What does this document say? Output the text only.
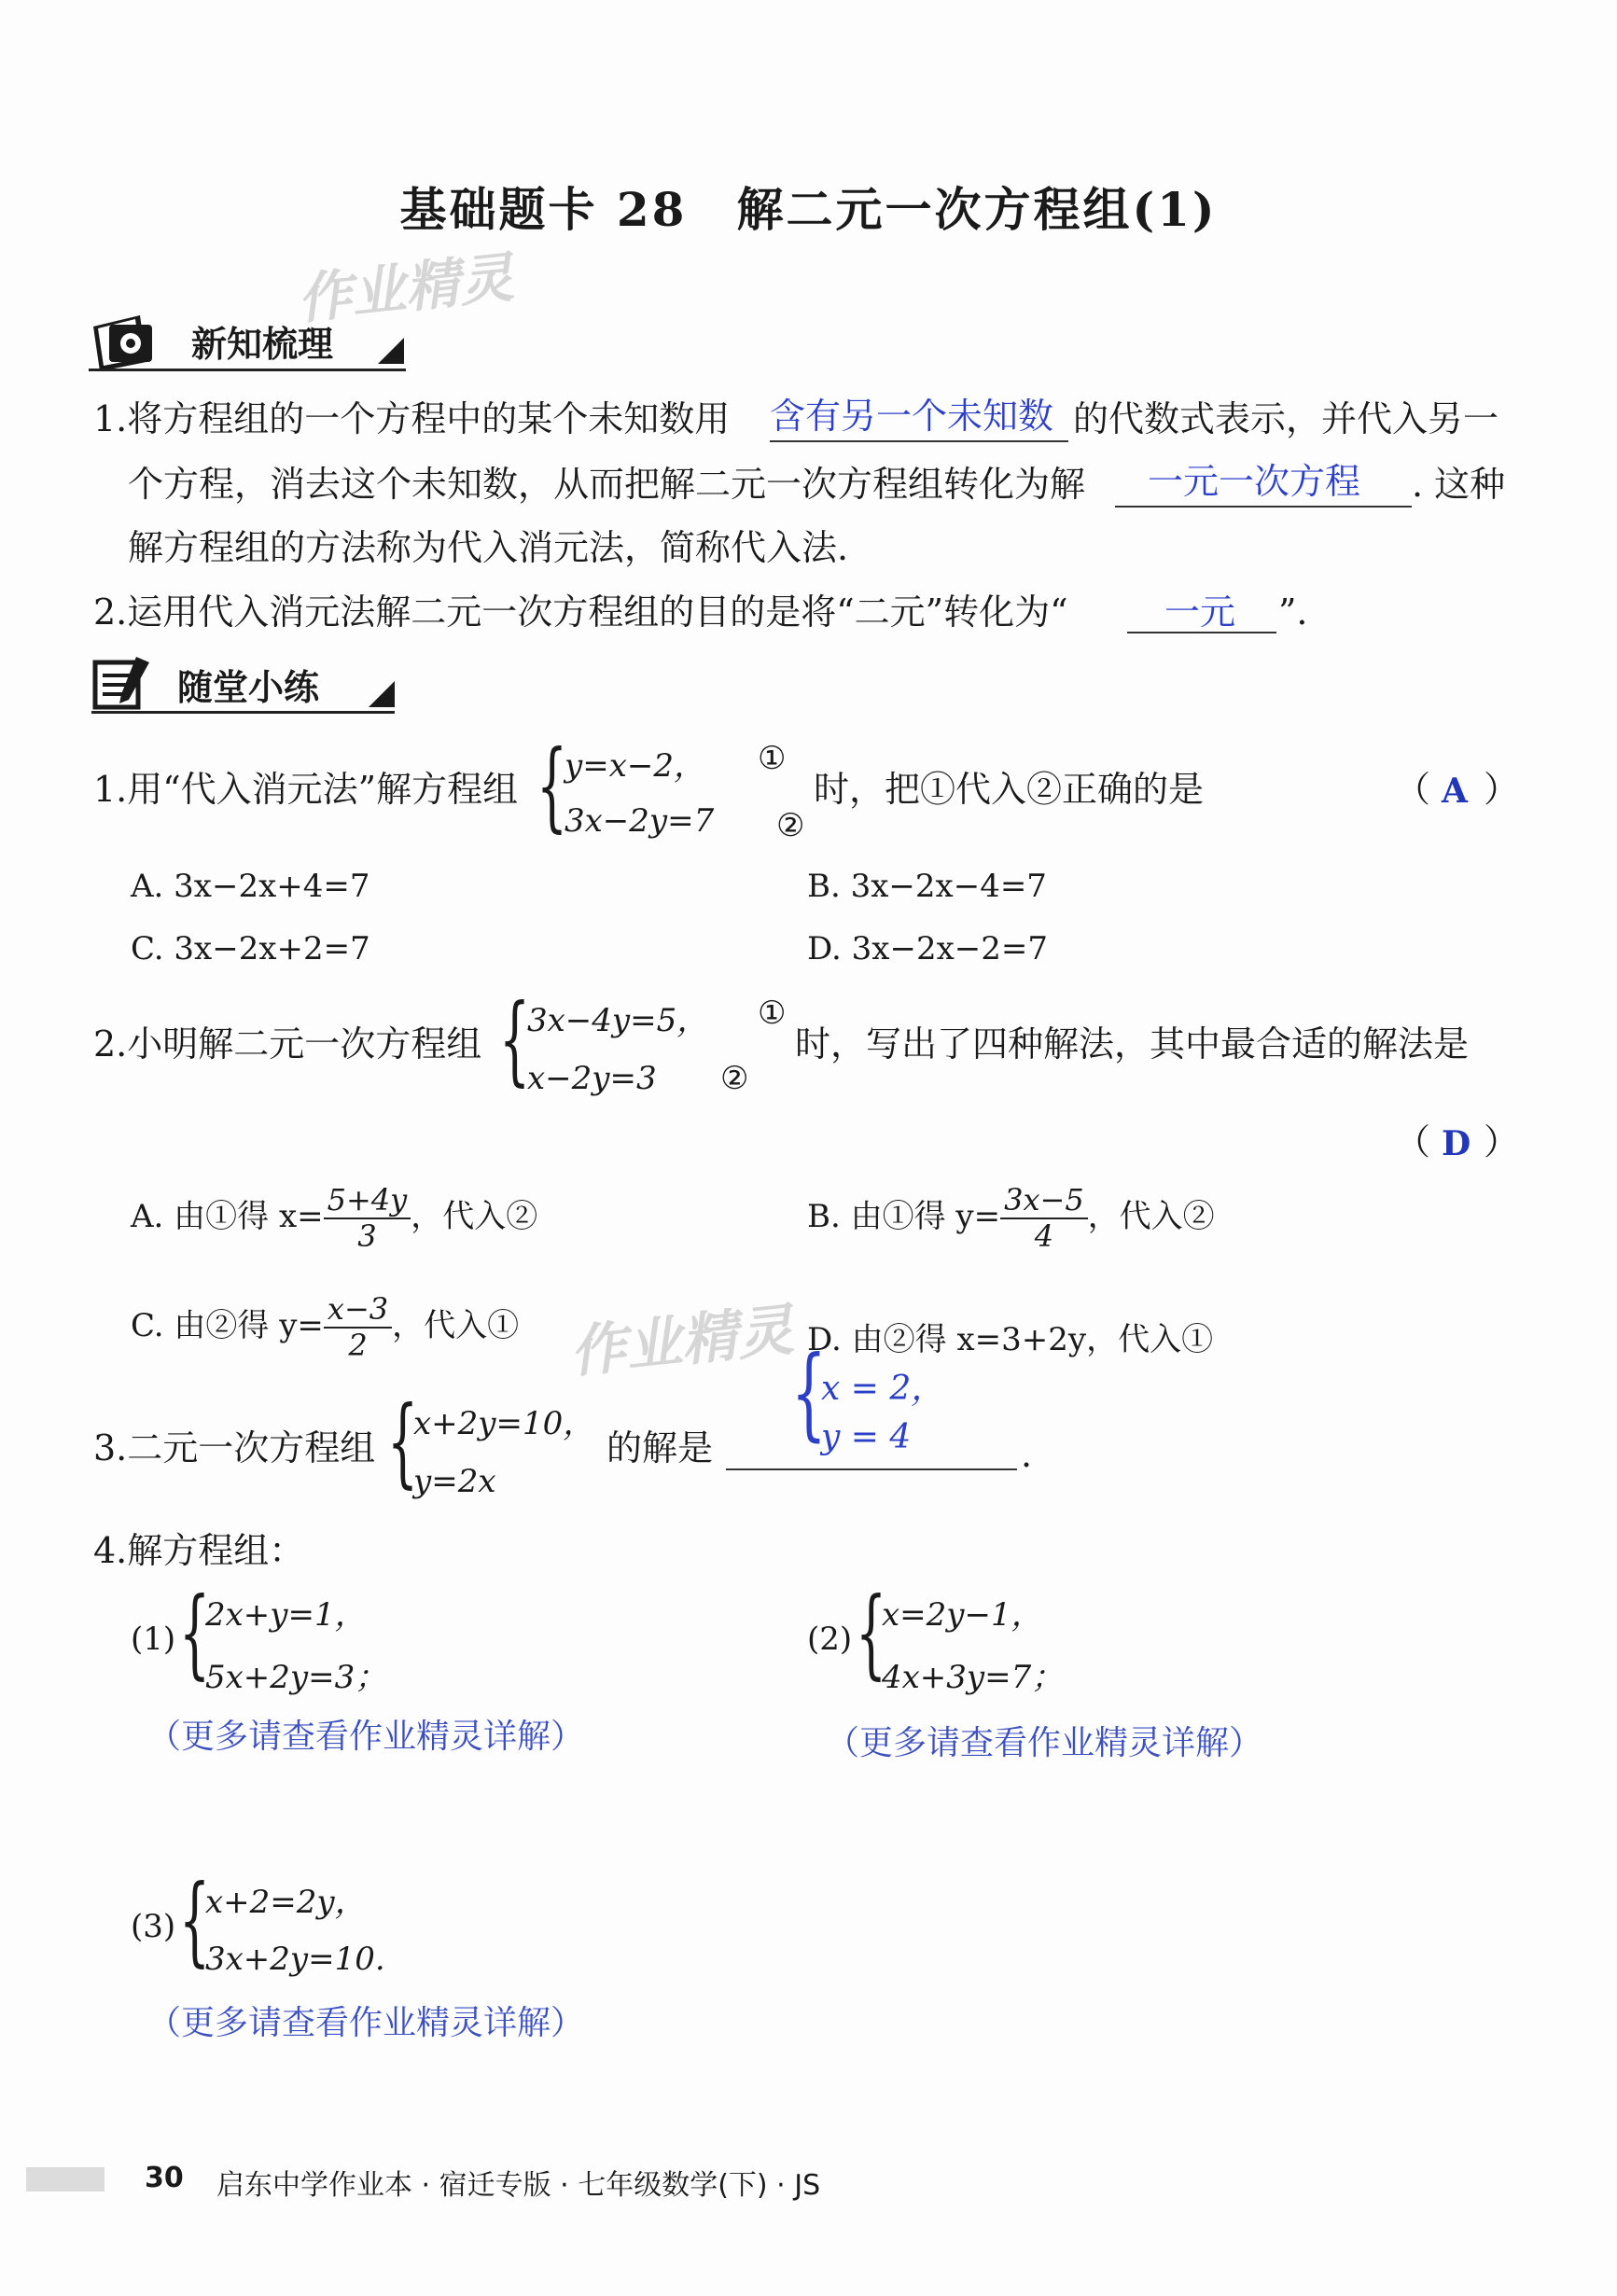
基础题卡 28　解二元一次方程组(1)
作业精灵
作业精灵
新知梳理
1.将方程组的一个方程中的某个未知数用 含有另一个未知数 的代数式表示，并代入另一
个方程，消去这个未知数，从而把解二元一次方程组转化为解 一元一次方程 . 这种
解方程组的方法称为代入消元法，简称代入法.
2.运用代入消元法解二元一次方程组的目的是将“二元”转化为“	一元 ”.
随堂小练
1.用“代入消元法”解方程组 {
y=x−2， ①
3x−2y=7 ②
时，把①代入②正确的是	（ A ）
A. 3x−2x+4=7	B. 3x−2x−4=7
C. 3x−2x+2=7	D. 3x−2x−2=7
2.小明解二元一次方程组 {
3x−4y=5， ①
x−2y=3 ②
时，写出了四种解法，其中最合适的解法是
（ D ）
A. 由①得 $x= \frac{5+4y}{3}$ ，代入②	B. 由①得 $y= \frac{3x-5}{4}$ ，代入②
C. 由②得 $y= \frac{x-3}{2}$ ，代入①	D. 由②得 x=3+2y，代入①
3.二元一次方程组 {
x+2y=10，
y=2x
的解是 {
x = 2，
y = 4	.
4.解方程组：
(1) {
2x+y=1，
5x+2y=3；
（更多请查看作业精灵详解）
(2) {
x=2y−1，
4x+3y=7；
（更多请查看作业精灵详解）
(3) {
x+2=2y，
3x+2y=10.
（更多请查看作业精灵详解）
30 启东中学作业本 · 宿迁专版 · 七年级数学(下) · JS
